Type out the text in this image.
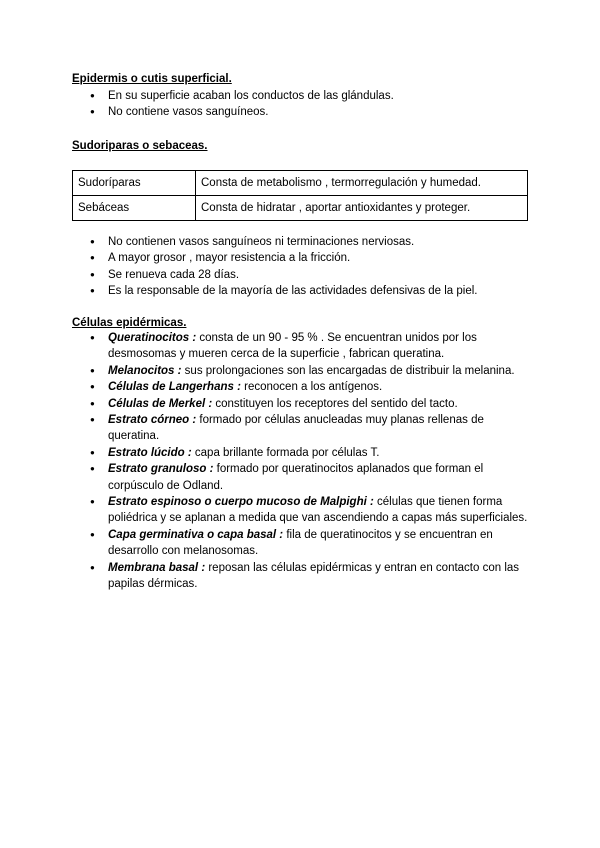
Epidermis o cutis superficial.
● En su superficie acaban los conductos de las glándulas.
● No contiene vasos sanguíneos.
Sudoriparas o sebaceas.
Sudoríparas	Consta de metabolismo , termorregulación y humedad.
Sebáceas	Consta de hidratar , aportar antioxidantes y proteger.
● No contienen vasos sanguíneos ni terminaciones nerviosas.
● A mayor grosor , mayor resistencia a la fricción.
● Se renueva cada 28 días.
● Es la responsable de la mayoría de las actividades defensivas de la piel.
Células epidérmicas.
● Queratinocitos : consta de un 90 - 95 % . Se encuentran unidos por los desmosomas y mueren cerca de la superficie , fabrican queratina.
● Melanocitos : sus prolongaciones son las encargadas de distribuir la melanina.
● Células de Langerhans : reconocen a los antígenos.
● Células de Merkel : constituyen los receptores del sentido del tacto.
● Estrato córneo : formado por células anucleadas muy planas rellenas de queratina.
● Estrato lúcido : capa brillante formada por células T.
● Estrato granuloso : formado por queratinocitos aplanados que forman el corpúsculo de Odland.
● Estrato espinoso o cuerpo mucoso de Malpighi : células que tienen forma poliédrica y se aplanan a medida que van ascendiendo a capas más superficiales.
● Capa germinativa o capa basal : fila de queratinocitos y se encuentran en desarrollo con melanosomas.
● Membrana basal : reposan las células epidérmicas y entran en contacto con las papilas dérmicas.
